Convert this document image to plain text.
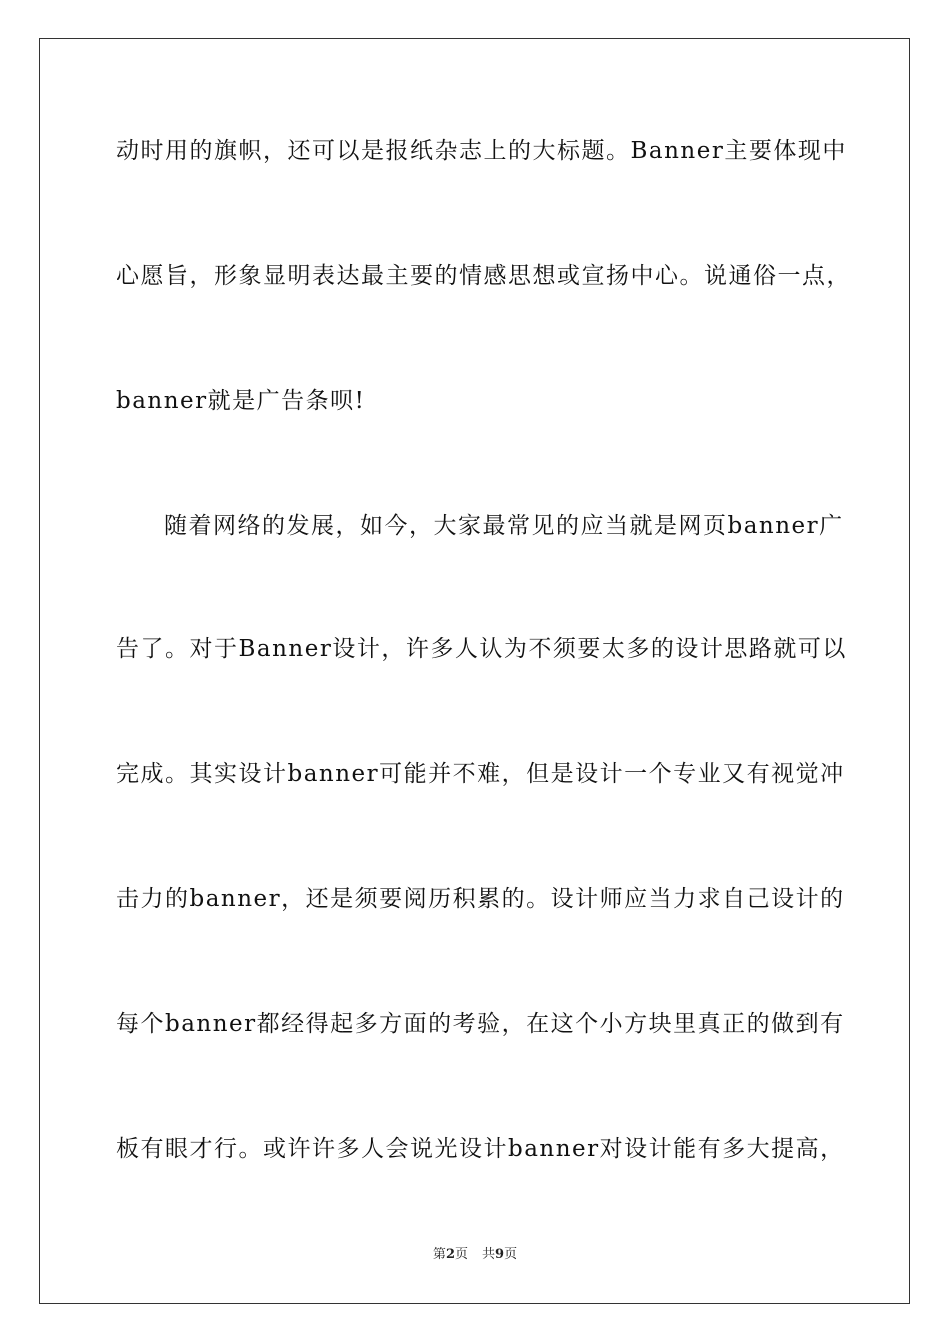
动时用的旗帜，还可以是报纸杂志上的大标题。Banner主要体现中
心愿旨，形象显明表达最主要的情感思想或宣扬中心。说通俗一点，
banner就是广告条呗!
随着网络的发展，如今，大家最常见的应当就是网页banner广
告了。对于Banner设计，许多人认为不须要太多的设计思路就可以
完成。其实设计banner可能并不难，但是设计一个专业又有视觉冲
击力的banner，还是须要阅历积累的。设计师应当力求自己设计的
每个banner都经得起多方面的考验，在这个小方块里真正的做到有
板有眼才行。或许许多人会说光设计banner对设计能有多大提高，
第2页 共9页
